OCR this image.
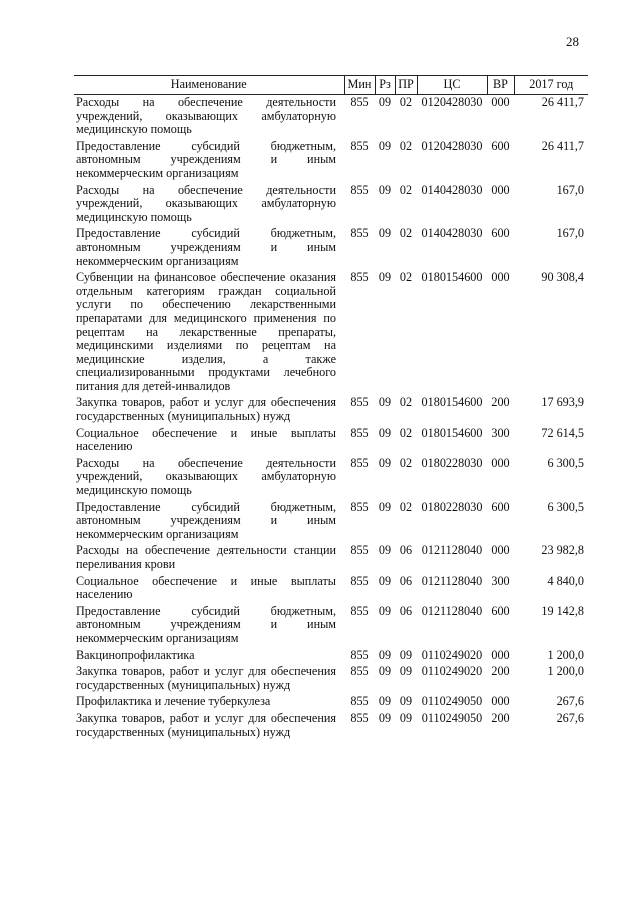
28
Наименование	Мин	Рз	ПР	ЦС	ВР	2017 год
Расходы на обеспечение деятельности учреждений, оказывающих амбулаторную медицинскую помощь	855	09	02	0120428030	000	26 411,7
Предоставление субсидий бюджетным, автономным учреждениям и иным некоммерческим организациям	855	09	02	0120428030	600	26 411,7
Расходы на обеспечение деятельности учреждений, оказывающих амбулаторную медицинскую помощь	855	09	02	0140428030	000	167,0
Предоставление субсидий бюджетным, автономным учреждениям и иным некоммерческим организациям	855	09	02	0140428030	600	167,0
Субвенции на финансовое обеспечение оказания отдельным категориям граждан социальной услуги по обеспечению лекарственными препаратами для медицинского применения по рецептам на лекарственные препараты, медицинскими изделиями по рецептам на медицинские изделия, а также специализированными продуктами лечебного питания для детей-инвалидов	855	09	02	0180154600	000	90 308,4
Закупка товаров, работ и услуг для обеспечения государственных (муниципальных) нужд	855	09	02	0180154600	200	17 693,9
Социальное обеспечение и иные выплаты населению	855	09	02	0180154600	300	72 614,5
Расходы на обеспечение деятельности учреждений, оказывающих амбулаторную медицинскую помощь	855	09	02	0180228030	000	6 300,5
Предоставление субсидий бюджетным, автономным учреждениям и иным некоммерческим организациям	855	09	02	0180228030	600	6 300,5
Расходы на обеспечение деятельности станции переливания крови	855	09	06	0121128040	000	23 982,8
Социальное обеспечение и иные выплаты населению	855	09	06	0121128040	300	4 840,0
Предоставление субсидий бюджетным, автономным учреждениям и иным некоммерческим организациям	855	09	06	0121128040	600	19 142,8
Вакцинопрофилактика	855	09	09	0110249020	000	1 200,0
Закупка товаров, работ и услуг для обеспечения государственных (муниципальных) нужд	855	09	09	0110249020	200	1 200,0
Профилактика и лечение туберкулеза	855	09	09	0110249050	000	267,6
Закупка товаров, работ и услуг для обеспечения государственных (муниципальных) нужд	855	09	09	0110249050	200	267,6
